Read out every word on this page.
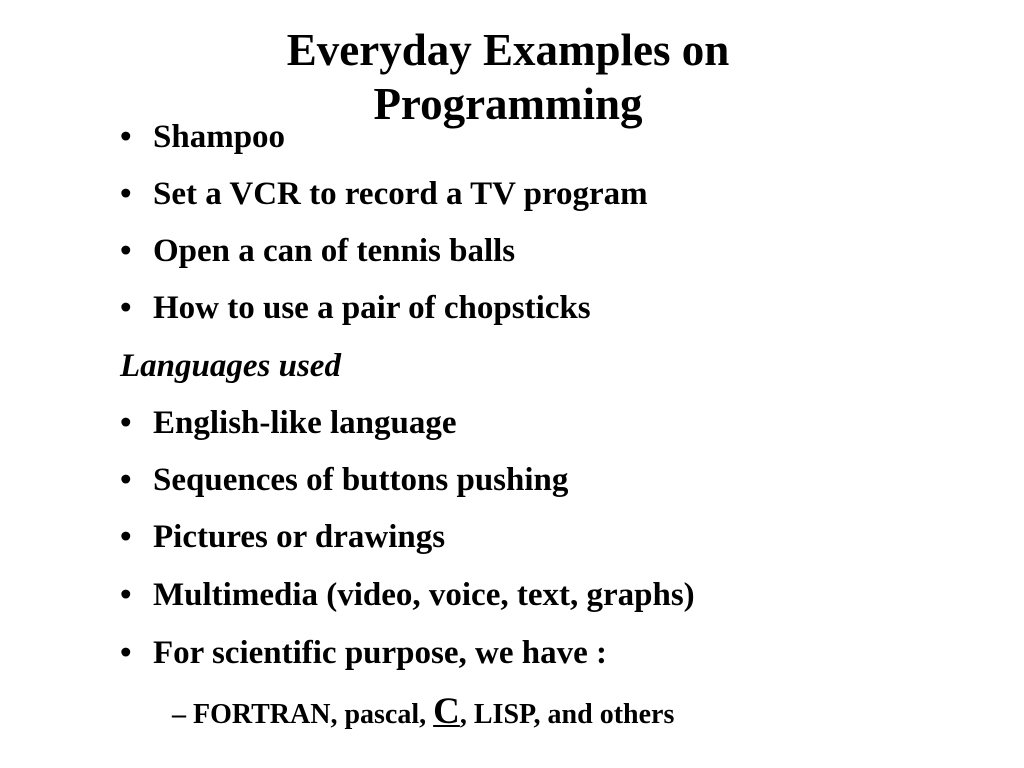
Everyday Examples on
Programming
• Shampoo
• Set a VCR to record a TV program
• Open a can of tennis balls
• How to use a pair of chopsticks
Languages used
• English-like language
• Sequences of buttons pushing
• Pictures or drawings
• Multimedia (video, voice, text, graphs)
• For scientific purpose, we have :
– FORTRAN, pascal, C, LISP, and others
